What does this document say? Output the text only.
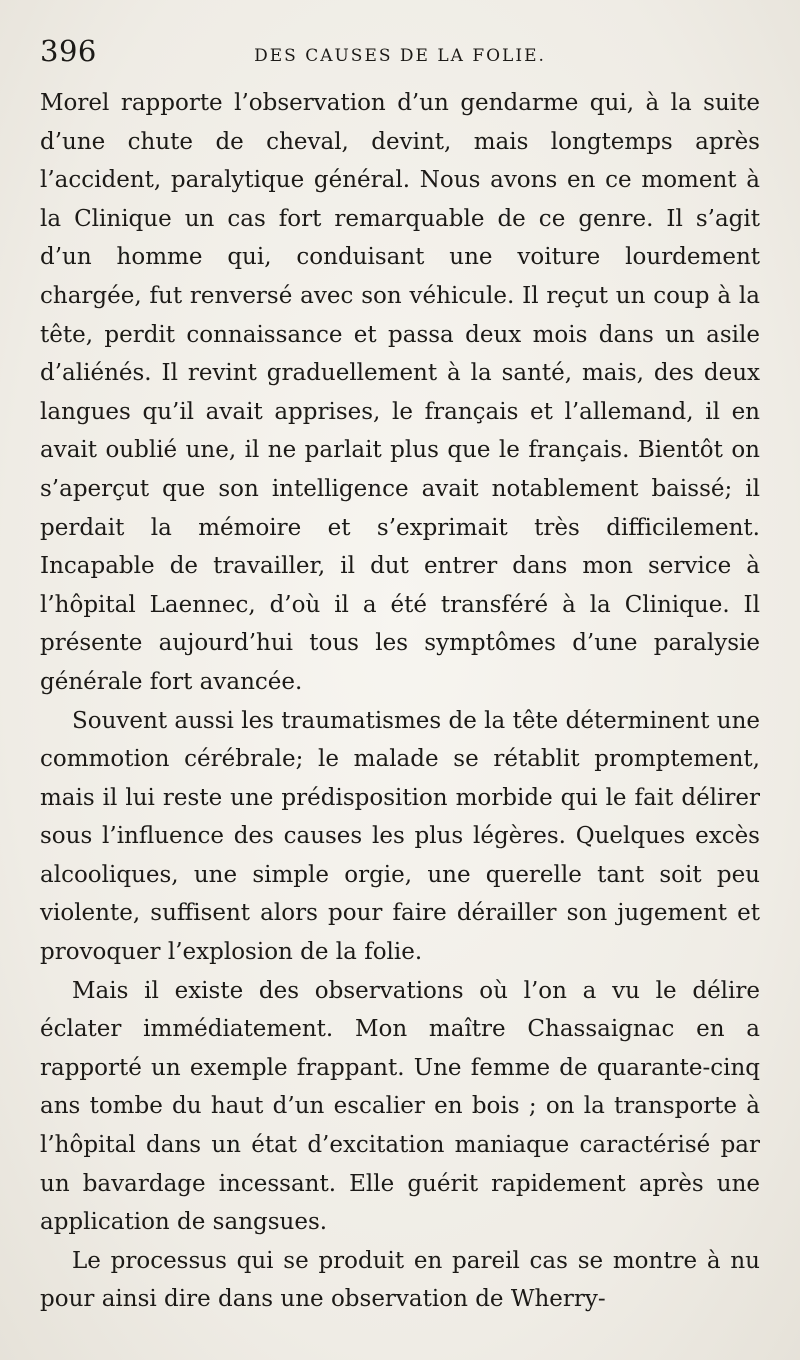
396	DES CAUSES DE LA FOLIE.

Morel rapporte l’observation d’un gendarme qui, à la suite d’une chute de cheval, devint, mais longtemps après l’accident, paralytique général. Nous avons en ce moment à la Clinique un cas fort remarquable de ce genre. Il s’agit d’un homme qui, conduisant une voiture lourdement chargée, fut renversé avec son véhicule. Il reçut un coup à la tête, perdit connaissance et passa deux mois dans un asile d’aliénés. Il revint graduellement à la santé, mais, des deux langues qu’il avait apprises, le français et l’allemand, il en avait oublié une, il ne parlait plus que le français. Bientôt on s’aperçut que son intelligence avait notablement baissé; il perdait la mémoire et s’exprimait très difficilement. Incapable de travailler, il dut entrer dans mon service à l’hôpital Laennec, d’où il a été transféré à la Clinique. Il présente aujourd’hui tous les symptômes d’une paralysie générale fort avancée.

Souvent aussi les traumatismes de la tête déterminent une commotion cérébrale; le malade se rétablit promptement, mais il lui reste une prédisposition morbide qui le fait délirer sous l’influence des causes les plus légères. Quelques excès alcooliques, une simple orgie, une querelle tant soit peu violente, suffisent alors pour faire dérailler son jugement et provoquer l’explosion de la folie.

Mais il existe des observations où l’on a vu le délire éclater immédiatement. Mon maître Chassaignac en a rapporté un exemple frappant. Une femme de quarante-cinq ans tombe du haut d’un escalier en bois ; on la transporte à l’hôpital dans un état d’excitation maniaque caractérisé par un bavardage incessant. Elle guérit rapidement après une application de sangsues.

Le processus qui se produit en pareil cas se montre à nu pour ainsi dire dans une observation de Wherry-
